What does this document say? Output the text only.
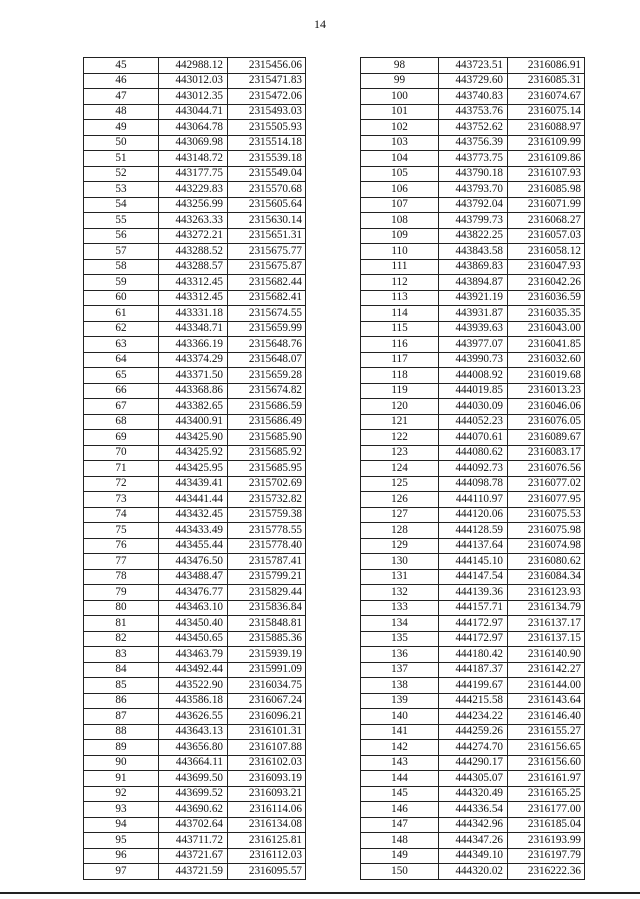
14
45	442988.12	2315456.06
46	443012.03	2315471.83
47	443012.35	2315472.06
48	443044.71	2315493.03
49	443064.78	2315505.93
50	443069.98	2315514.18
51	443148.72	2315539.18
52	443177.75	2315549.04
53	443229.83	2315570.68
54	443256.99	2315605.64
55	443263.33	2315630.14
56	443272.21	2315651.31
57	443288.52	2315675.77
58	443288.57	2315675.87
59	443312.45	2315682.44
60	443312.45	2315682.41
61	443331.18	2315674.55
62	443348.71	2315659.99
63	443366.19	2315648.76
64	443374.29	2315648.07
65	443371.50	2315659.28
66	443368.86	2315674.82
67	443382.65	2315686.59
68	443400.91	2315686.49
69	443425.90	2315685.90
70	443425.92	2315685.92
71	443425.95	2315685.95
72	443439.41	2315702.69
73	443441.44	2315732.82
74	443432.45	2315759.38
75	443433.49	2315778.55
76	443455.44	2315778.40
77	443476.50	2315787.41
78	443488.47	2315799.21
79	443476.77	2315829.44
80	443463.10	2315836.84
81	443450.40	2315848.81
82	443450.65	2315885.36
83	443463.79	2315939.19
84	443492.44	2315991.09
85	443522.90	2316034.75
86	443586.18	2316067.24
87	443626.55	2316096.21
88	443643.13	2316101.31
89	443656.80	2316107.88
90	443664.11	2316102.03
91	443699.50	2316093.19
92	443699.52	2316093.21
93	443690.62	2316114.06
94	443702.64	2316134.08
95	443711.72	2316125.81
96	443721.67	2316112.03
97	443721.59	2316095.57
98	443723.51	2316086.91
99	443729.60	2316085.31
100	443740.83	2316074.67
101	443753.76	2316075.14
102	443752.62	2316088.97
103	443756.39	2316109.99
104	443773.75	2316109.86
105	443790.18	2316107.93
106	443793.70	2316085.98
107	443792.04	2316071.99
108	443799.73	2316068.27
109	443822.25	2316057.03
110	443843.58	2316058.12
111	443869.83	2316047.93
112	443894.87	2316042.26
113	443921.19	2316036.59
114	443931.87	2316035.35
115	443939.63	2316043.00
116	443977.07	2316041.85
117	443990.73	2316032.60
118	444008.92	2316019.68
119	444019.85	2316013.23
120	444030.09	2316046.06
121	444052.23	2316076.05
122	444070.61	2316089.67
123	444080.62	2316083.17
124	444092.73	2316076.56
125	444098.78	2316077.02
126	444110.97	2316077.95
127	444120.06	2316075.53
128	444128.59	2316075.98
129	444137.64	2316074.98
130	444145.10	2316080.62
131	444147.54	2316084.34
132	444139.36	2316123.93
133	444157.71	2316134.79
134	444172.97	2316137.17
135	444172.97	2316137.15
136	444180.42	2316140.90
137	444187.37	2316142.27
138	444199.67	2316144.00
139	444215.58	2316143.64
140	444234.22	2316146.40
141	444259.26	2316155.27
142	444274.70	2316156.65
143	444290.17	2316156.60
144	444305.07	2316161.97
145	444320.49	2316165.25
146	444336.54	2316177.00
147	444342.96	2316185.04
148	444347.26	2316193.99
149	444349.10	2316197.79
150	444320.02	2316222.36
